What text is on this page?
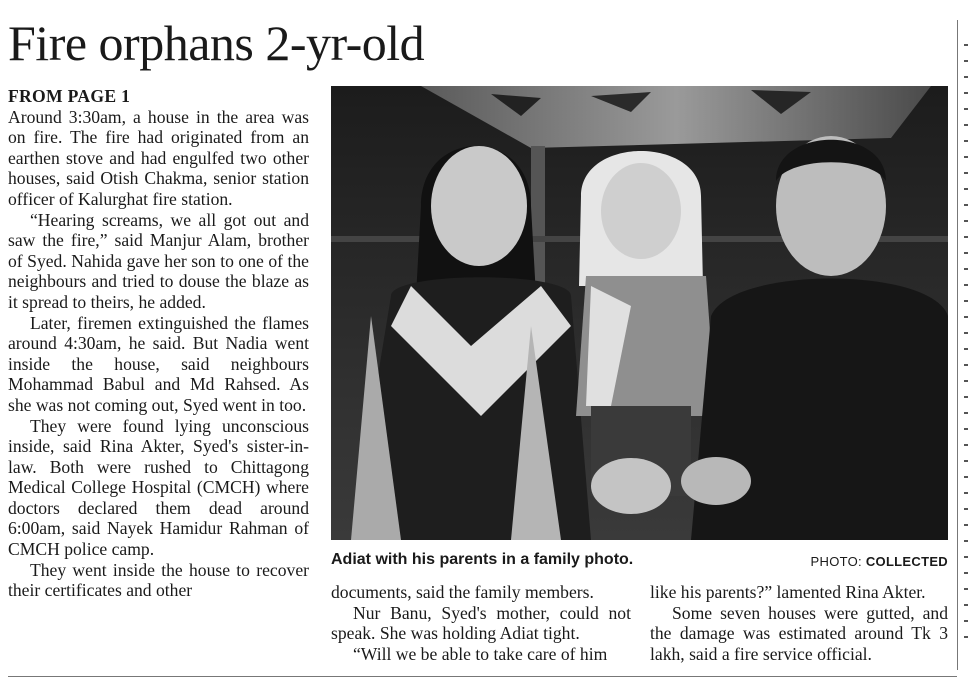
Fire orphans 2-yr-old

FROM PAGE 1

Around 3:30am, a house in the area was on fire. The fire had originated from an earthen stove and had engulfed two other houses, said Otish Chakma, senior station officer of Kalurghat fire station.

“Hearing screams, we all got out and saw the fire,” said Manjur Alam, brother of Syed. Nahida gave her son to one of the neighbours and tried to douse the blaze as it spread to theirs, he added.

Later, firemen extinguished the flames around 4:30am, he said. But Nadia went inside the house, said neighbours Mohammad Babul and Md Rahsed. As she was not coming out, Syed went in too.

They were found lying unconscious inside, said Rina Akter, Syed's sister-in-law. Both were rushed to Chittagong Medical College Hospital (CMCH) where doctors declared them dead around 6:00am, said Nayek Hamidur Rahman of CMCH police camp.

They went inside the house to recover their certificates and other

Adiat with his parents in a family photo.	PHOTO: COLLECTED

documents, said the family members.

Nur Banu, Syed's mother, could not speak. She was holding Adiat tight.

“Will we be able to take care of him

like his parents?” lamented Rina Akter.

Some seven houses were gutted, and the damage was estimated around Tk 3 lakh, said a fire service official.
